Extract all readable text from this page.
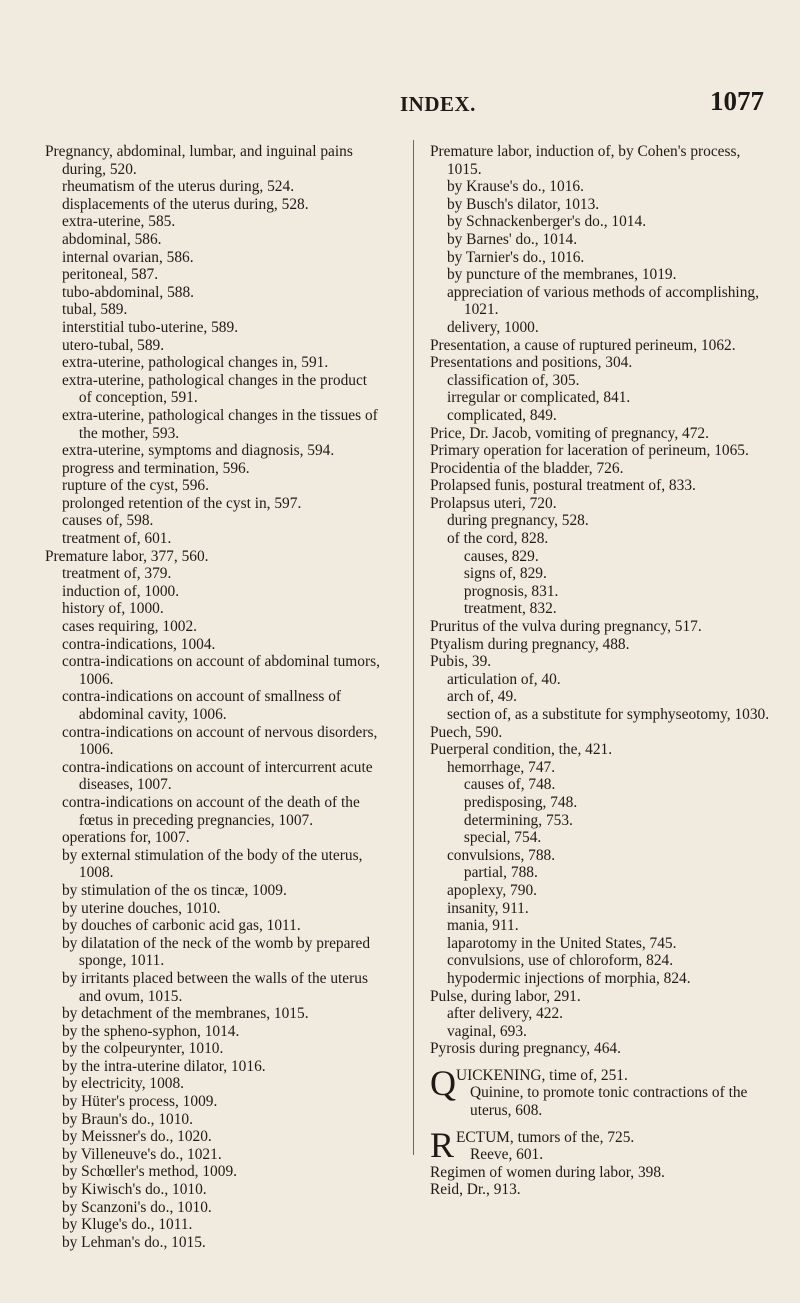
INDEX.	1077
Pregnancy, abdominal, lumbar, and inguinal pains during, 520.
rheumatism of the uterus during, 524.
displacements of the uterus during, 528.
extra-uterine, 585.
abdominal, 586.
internal ovarian, 586.
peritoneal, 587.
tubo-abdominal, 588.
tubal, 589.
interstitial tubo-uterine, 589.
utero-tubal, 589.
extra-uterine, pathological changes in, 591.
extra-uterine, pathological changes in the product of conception, 591.
extra-uterine, pathological changes in the tissues of the mother, 593.
extra-uterine, symptoms and diagnosis, 594.
progress and termination, 596.
rupture of the cyst, 596.
prolonged retention of the cyst in, 597.
causes of, 598.
treatment of, 601.
Premature labor, 377, 560.
treatment of, 379.
induction of, 1000.
history of, 1000.
cases requiring, 1002.
contra-indications, 1004.
contra-indications on account of abdominal tumors, 1006.
contra-indications on account of smallness of abdominal cavity, 1006.
contra-indications on account of nervous disorders, 1006.
contra-indications on account of intercurrent acute diseases, 1007.
contra-indications on account of the death of the fœtus in preceding pregnancies, 1007.
operations for, 1007.
by external stimulation of the body of the uterus, 1008.
by stimulation of the os tincæ, 1009.
by uterine douches, 1010.
by douches of carbonic acid gas, 1011.
by dilatation of the neck of the womb by prepared sponge, 1011.
by irritants placed between the walls of the uterus and ovum, 1015.
by detachment of the membranes, 1015.
by the spheno-syphon, 1014.
by the colpeurynter, 1010.
by the intra-uterine dilator, 1016.
by electricity, 1008.
by Hüter's process, 1009.
by Braun's do., 1010.
by Meissner's do., 1020.
by Villeneuve's do., 1021.
by Schœller's method, 1009.
by Kiwisch's do., 1010.
by Scanzoni's do., 1010.
by Kluge's do., 1011.
by Lehman's do., 1015.
Premature labor, induction of, by Cohen's process, 1015.
by Krause's do., 1016.
by Busch's dilator, 1013.
by Schnackenberger's do., 1014.
by Barnes' do., 1014.
by Tarnier's do., 1016.
by puncture of the membranes, 1019.
appreciation of various methods of accomplishing, 1021.
delivery, 1000.
Presentation, a cause of ruptured perineum, 1062.
Presentations and positions, 304.
classification of, 305.
irregular or complicated, 841.
complicated, 849.
Price, Dr. Jacob, vomiting of pregnancy, 472.
Primary operation for laceration of perineum, 1065.
Procidentia of the bladder, 726.
Prolapsed funis, postural treatment of, 833.
Prolapsus uteri, 720.
during pregnancy, 528.
of the cord, 828.
causes, 829.
signs of, 829.
prognosis, 831.
treatment, 832.
Pruritus of the vulva during pregnancy, 517.
Ptyalism during pregnancy, 488.
Pubis, 39.
articulation of, 40.
arch of, 49.
section of, as a substitute for symphyseotomy, 1030.
Puech, 590.
Puerperal condition, the, 421.
hemorrhage, 747.
causes of, 748.
predisposing, 748.
determining, 753.
special, 754.
convulsions, 788.
partial, 788.
apoplexy, 790.
insanity, 911.
mania, 911.
laparotomy in the United States, 745.
convulsions, use of chloroform, 824.
hypodermic injections of morphia, 824.
Pulse, during labor, 291.
after delivery, 422.
vaginal, 693.
Pyrosis during pregnancy, 464.
Q UICKENING, time of, 251.
Quinine, to promote tonic contractions of the uterus, 608.
R ECTUM, tumors of the, 725.
Reeve, 601.
Regimen of women during labor, 398.
Reid, Dr., 913.
